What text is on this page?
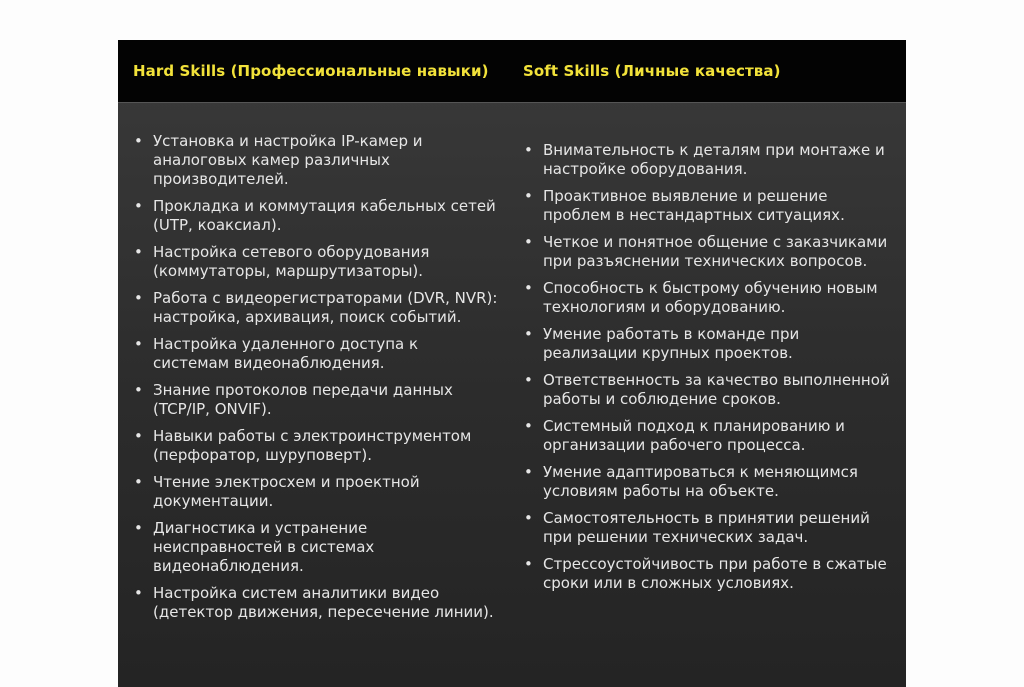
Hard Skills (Профессиональные навыки)	Soft Skills (Личные качества)
• Установка и настройка IP-камер и аналоговых камер различных производителей.
• Прокладка и коммутация кабельных сетей (UTP, коаксиал).
• Настройка сетевого оборудования (коммутаторы, маршрутизаторы).
• Работа с видеорегистраторами (DVR, NVR): настройка, архивация, поиск событий.
• Настройка удаленного доступа к системам видеонаблюдения.
• Знание протоколов передачи данных (TCP/IP, ONVIF).
• Навыки работы с электроинструментом (перфоратор, шуруповерт).
• Чтение электросхем и проектной документации.
• Диагностика и устранение неисправностей в системах видеонаблюдения.
• Настройка систем аналитики видео (детектор движения, пересечение линии).
• Внимательность к деталям при монтаже и настройке оборудования.
• Проактивное выявление и решение проблем в нестандартных ситуациях.
• Четкое и понятное общение с заказчиками при разъяснении технических вопросов.
• Способность к быстрому обучению новым технологиям и оборудованию.
• Умение работать в команде при реализации крупных проектов.
• Ответственность за качество выполненной работы и соблюдение сроков.
• Системный подход к планированию и организации рабочего процесса.
• Умение адаптироваться к меняющимся условиям работы на объекте.
• Самостоятельность в принятии решений при решении технических задач.
• Стрессоустойчивость при работе в сжатые сроки или в сложных условиях.
